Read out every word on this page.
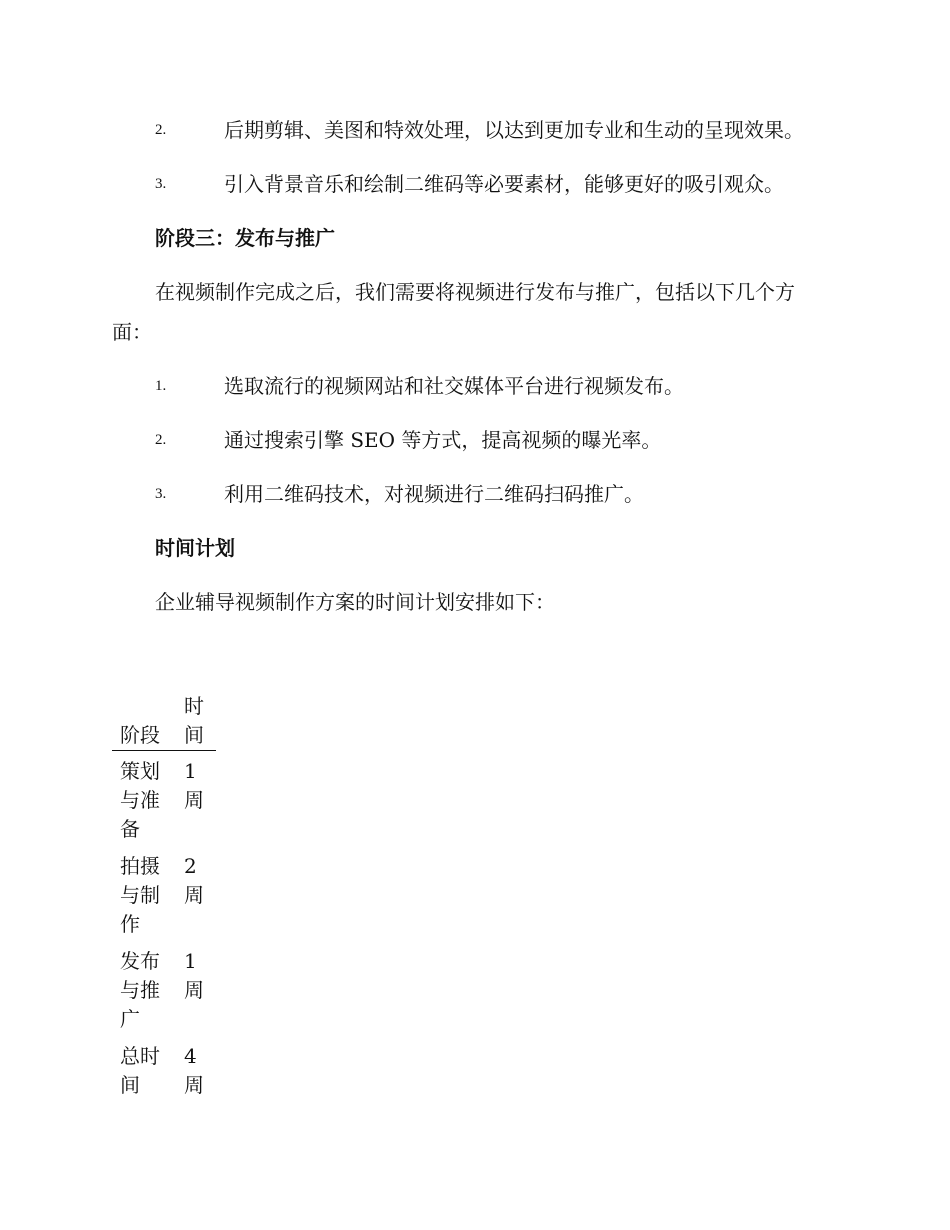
2.	后期剪辑、美图和特效处理，以达到更加专业和生动的呈现效果。
3.	引入背景音乐和绘制二维码等必要素材，能够更好的吸引观众。
阶段三：发布与推广
在视频制作完成之后，我们需要将视频进行发布与推广，包括以下几个方面：
1.	选取流行的视频网站和社交媒体平台进行视频发布。
2.	通过搜索引擎 SEO 等方式，提高视频的曝光率。
3.	利用二维码技术，对视频进行二维码扫码推广。
时间计划
企业辅导视频制作方案的时间计划安排如下：
阶段	时间

策划与准备	1周

拍摄与制作	2周

发布与推广	1周

总时间	4周
